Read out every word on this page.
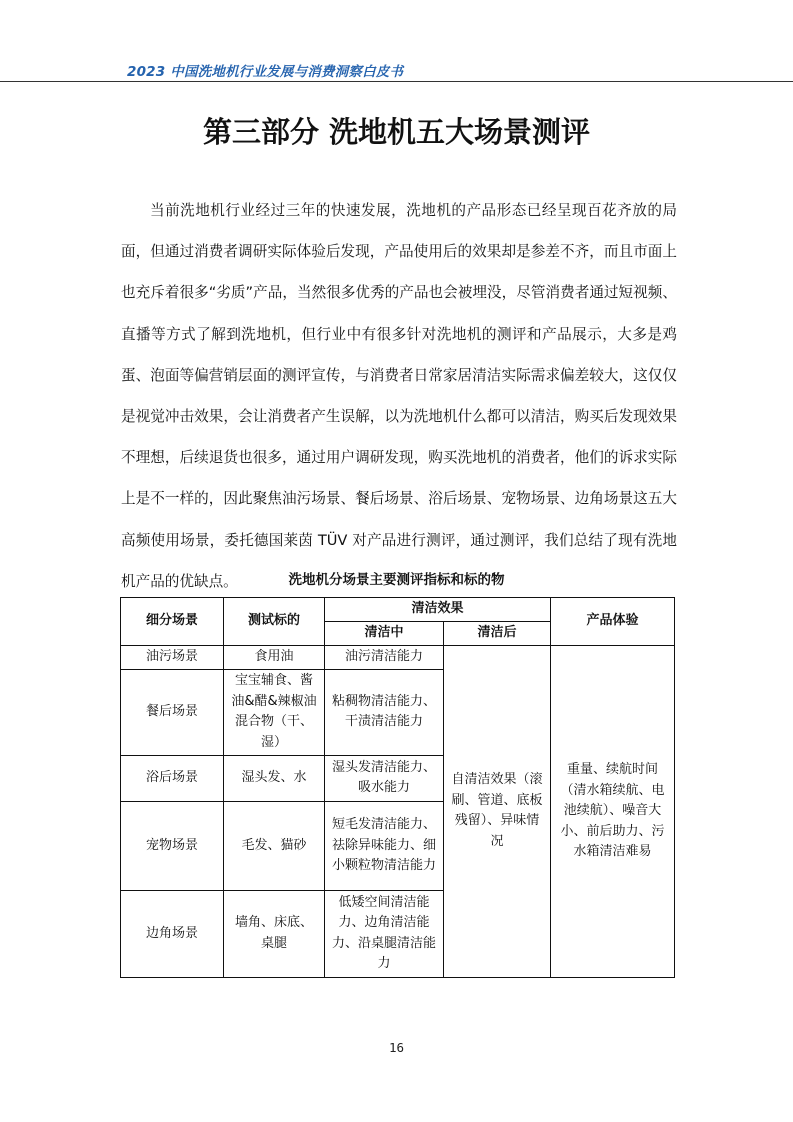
2023 中国洗地机行业发展与消费洞察白皮书
第三部分 洗地机五大场景测评

当前洗地机行业经过三年的快速发展，洗地机的产品形态已经呈现百花齐放的局面，但通过消费者调研实际体验后发现，产品使用后的效果却是参差不齐，而且市面上也充斥着很多“劣质”产品，当然很多优秀的产品也会被埋没，尽管消费者通过短视频、直播等方式了解到洗地机，但行业中有很多针对洗地机的测评和产品展示，大多是鸡蛋、泡面等偏营销层面的测评宣传，与消费者日常家居清洁实际需求偏差较大，这仅仅是视觉冲击效果，会让消费者产生误解，以为洗地机什么都可以清洁，购买后发现效果不理想，后续退货也很多，通过用户调研发现，购买洗地机的消费者，他们的诉求实际上是不一样的，因此聚焦油污场景、餐后场景、浴后场景、宠物场景、边角场景这五大高频使用场景，委托德国莱茵 TÜV 对产品进行测评，通过测评，我们总结了现有洗地机产品的优缺点。	洗地机分场景主要测评指标和标的物
细分场景	测试标的	清洁效果		产品体验
		清洁中	清洁后	
油污场景	食用油	油污清洁能力	自清洁效果（滚刷、管道、底板残留）、异味情况	重量、续航时间（清水箱续航、电池续航）、噪音大小、前后助力、污水箱清洁难易
餐后场景	宝宝辅食、酱油&醋&辣椒油混合物（干、湿）	粘稠物清洁能力、干渍清洁能力		
浴后场景	湿头发、水	湿头发清洁能力、吸水能力		
宠物场景	毛发、猫砂	短毛发清洁能力、祛除异味能力、细小颗粒物清洁能力		
边角场景	墙角、床底、桌腿	低矮空间清洁能力、边角清洁能力、沿桌腿清洁能力		
16
